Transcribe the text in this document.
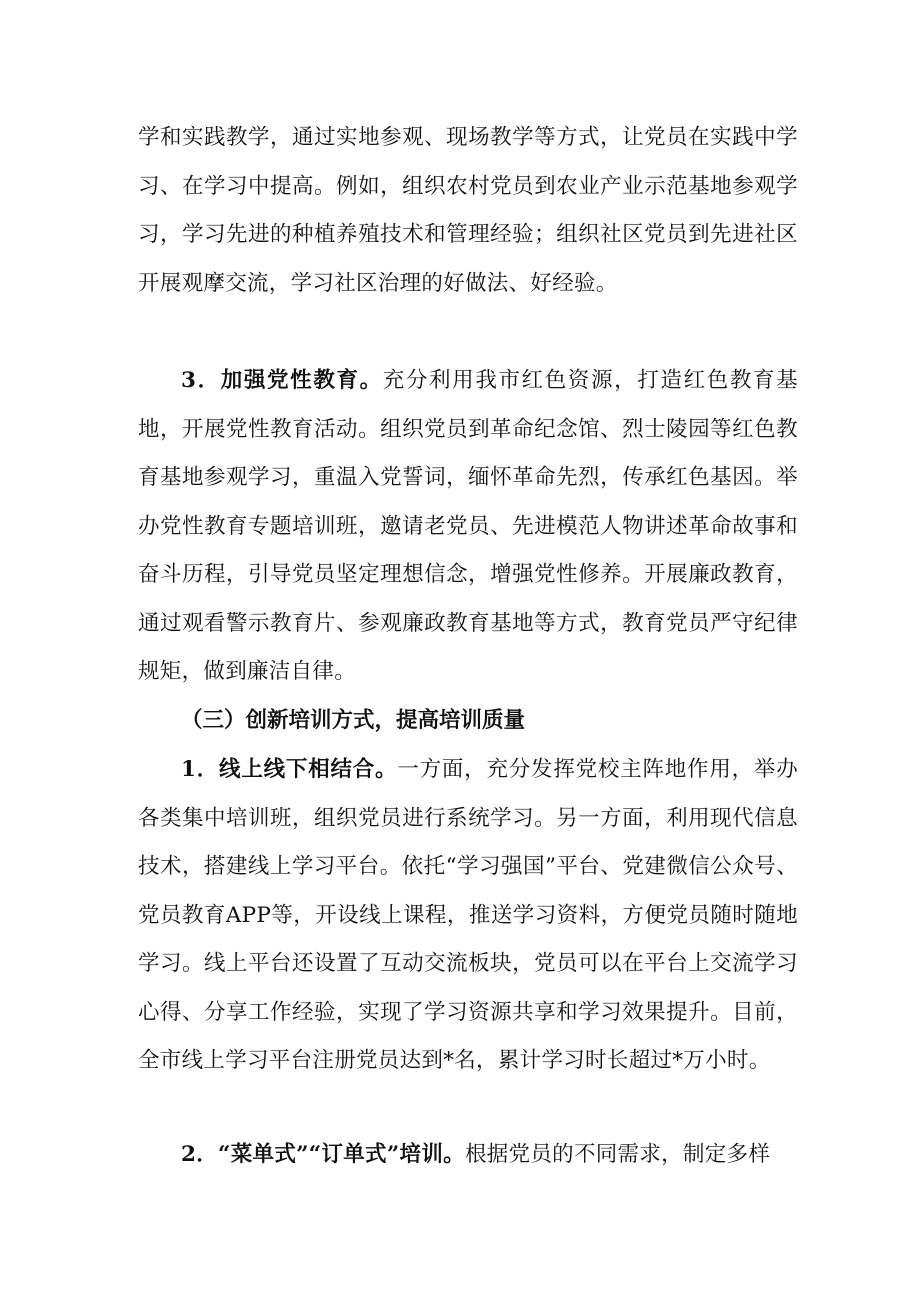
学和实践教学，通过实地参观、现场教学等方式，让党员在实践中学习、在学习中提高。例如，组织农村党员到农业产业示范基地参观学习，学习先进的种植养殖技术和管理经验；组织社区党员到先进社区开展观摩交流，学习社区治理的好做法、好经验。

3．加强党性教育。充分利用我市红色资源，打造红色教育基地，开展党性教育活动。组织党员到革命纪念馆、烈士陵园等红色教育基地参观学习，重温入党誓词，缅怀革命先烈，传承红色基因。举办党性教育专题培训班，邀请老党员、先进模范人物讲述革命故事和奋斗历程，引导党员坚定理想信念，增强党性修养。开展廉政教育，通过观看警示教育片、参观廉政教育基地等方式，教育党员严守纪律规矩，做到廉洁自律。

（三）创新培训方式，提高培训质量

1．线上线下相结合。一方面，充分发挥党校主阵地作用，举办各类集中培训班，组织党员进行系统学习。另一方面，利用现代信息技术，搭建线上学习平台。依托“学习强国”平台、党建微信公众号、党员教育APP等，开设线上课程，推送学习资料，方便党员随时随地学习。线上平台还设置了互动交流板块，党员可以在平台上交流学习心得、分享工作经验，实现了学习资源共享和学习效果提升。目前，全市线上学习平台注册党员达到*名，累计学习时长超过*万小时。

2．“菜单式”“订单式”培训。根据党员的不同需求，制定多样
